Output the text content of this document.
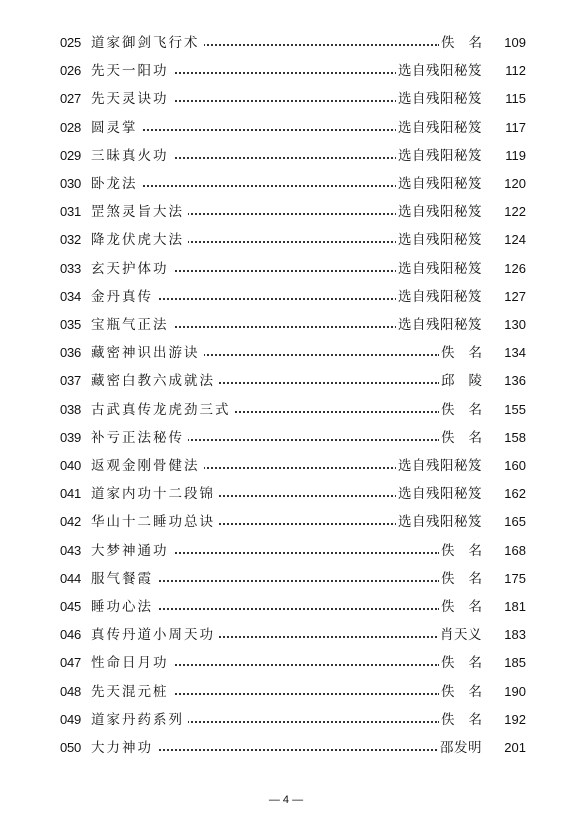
025 道家御剑飞行术	佚名 109
026 先天一阳功	选自残阳秘笈	112
027 先天灵诀功	选自残阳秘笈	115
028 圆灵掌	选自残阳秘笈	117
029 三昧真火功	选自残阳秘笈	119
030 卧龙法	选自残阳秘笈	120
031 罡煞灵旨大法	选自残阳秘笈	122
032 降龙伏虎大法	选自残阳秘笈	124
033 玄天护体功	选自残阳秘笈	126
034 金丹真传	选自残阳秘笈	127
035 宝瓶气正法	选自残阳秘笈	130
036 藏密神识出游诀	佚名 134
037 藏密白教六成就法	邱陵 136
038 古武真传龙虎劲三式	佚名 155
039 补亏正法秘传	佚名 158
040 返观金刚骨健法	选自残阳秘笈	160
041 道家内功十二段锦	选自残阳秘笈	162
042 华山十二睡功总诀	选自残阳秘笈	165
043 大梦神通功	佚名 168
044 服气餐霞	佚名 175
045 睡功心法	佚名 181
046 真传丹道小周天功	肖天义	183
047 性命日月功	佚名 185
048 先天混元桩	佚名 190
049 道家丹药系列	佚名 192
050 大力神功	邵发明	201
— 4 —
